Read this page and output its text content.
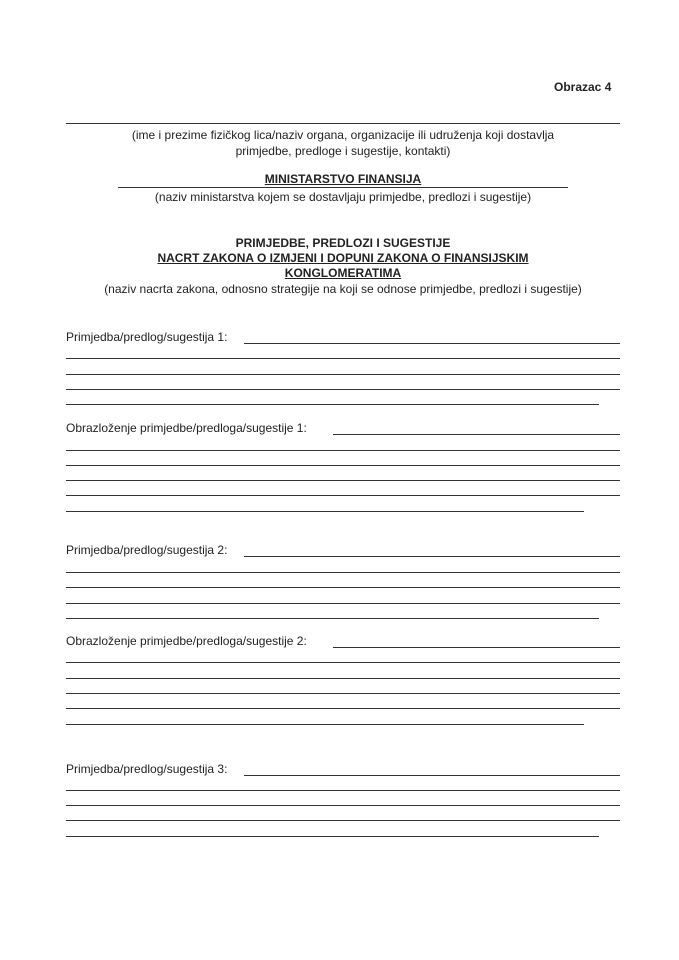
Obrazac 4
(ime i prezime fizičkog lica/naziv organa, organizacije ili udruženja koji dostavlja
primjedbe, predloge i sugestije, kontakti)
MINISTARSTVO FINANSIJA
(naziv ministarstva kojem se dostavljaju primjedbe, predlozi i sugestije)
PRIMJEDBE, PREDLOZI I SUGESTIJE
NACRT ZAKONA O IZMJENI I DOPUNI ZAKONA O FINANSIJSKIM
KONGLOMERATIMA
(naziv nacrta zakona, odnosno strategije na koji se odnose primjedbe, predlozi i sugestije)
Primjedba/predlog/sugestija 1:
Obrazloženje primjedbe/predloga/sugestije 1:
Primjedba/predlog/sugestija 2:
Obrazloženje primjedbe/predloga/sugestije 2:
Primjedba/predlog/sugestija 3:
